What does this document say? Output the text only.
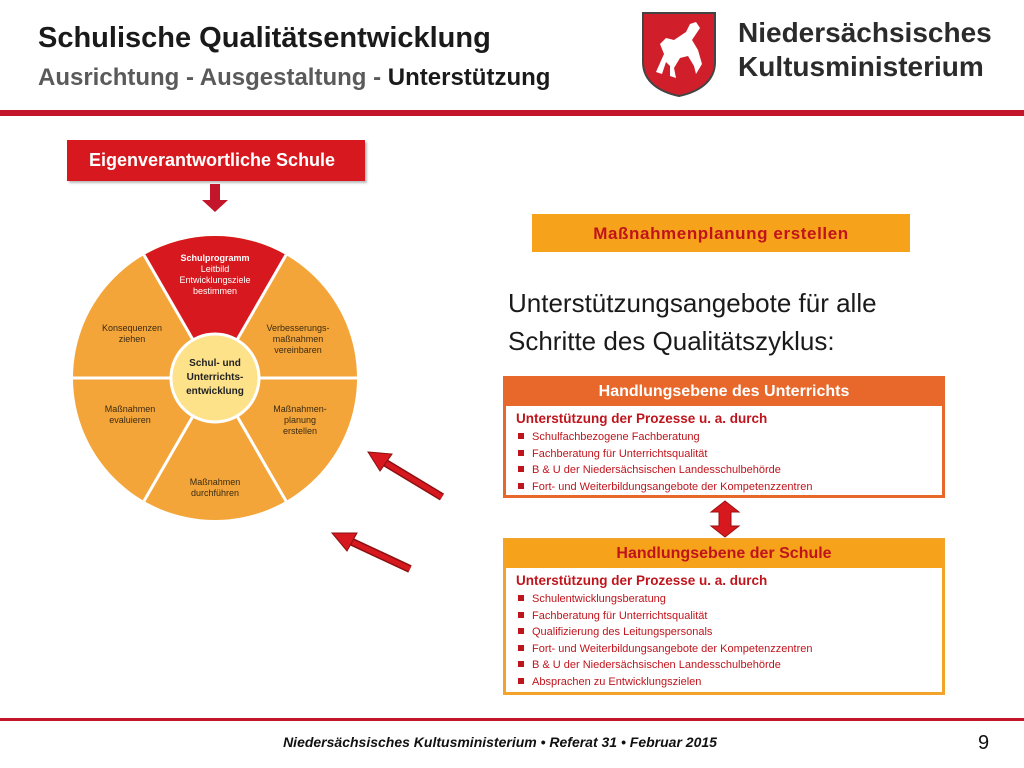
Schulische Qualitätsentwicklung
Ausrichtung - Ausgestaltung - Unterstützung
Niedersächsisches
Kultusministerium
Eigenverantwortliche Schule
Schul- und
Unterrichts-
entwicklung
Schulprogramm
Leitbild
Entwicklungsziele
bestimmen
Verbesserungs-
maßnahmen
vereinbaren
Maßnahmen-
planung
erstellen
Maßnahmen
durchführen
Maßnahmen
evaluieren
Konsequenzen
ziehen
Maßnahmenplanung erstellen
Unterstützungsangebote für alle
Schritte des Qualitätszyklus:
Handlungsebene des Unterrichts
Unterstützung der Prozesse u. a. durch
Schulfachbezogene Fachberatung
Fachberatung für Unterrichtsqualität
B & U der Niedersächsischen Landesschulbehörde
Fort- und Weiterbildungsangebote der Kompetenzzentren
Handlungsebene der Schule
Unterstützung der Prozesse u. a. durch
Schulentwicklungsberatung
Fachberatung für Unterrichtsqualität
Qualifizierung des Leitungspersonals
Fort- und Weiterbildungsangebote der Kompetenzzentren
B & U der Niedersächsischen Landesschulbehörde
Absprachen zu Entwicklungszielen
Niedersächsisches Kultusministerium • Referat 31 • Februar 2015	9
